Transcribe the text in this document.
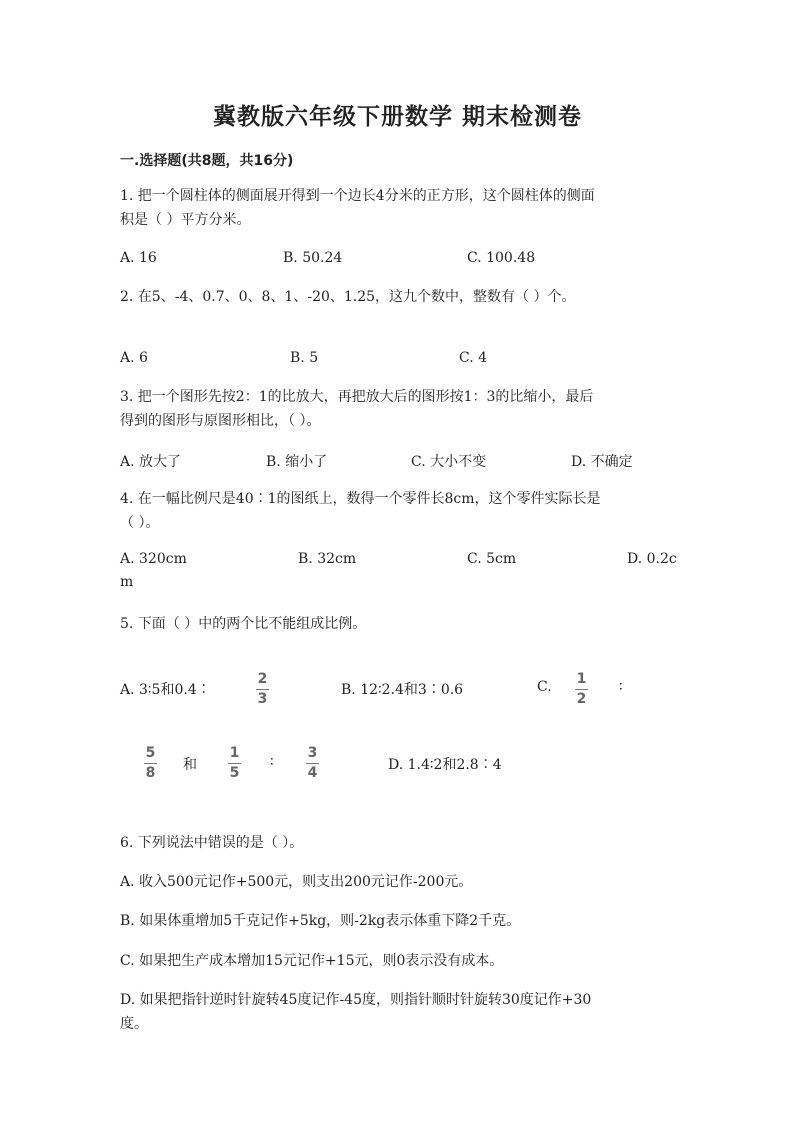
冀教版六年级下册数学 期末检测卷
一.选择题(共8题，共16分)
1. 把一个圆柱体的侧面展开得到一个边长4分米的正方形，这个圆柱体的侧面
积是（ ）平方分米。
A. 16	B. 50.24	C. 100.48
2. 在5、-4、0.7、0、8、1、-20、1.25，这九个数中，整数有（ ）个。
A. 6	B. 5	C. 4
3. 把一个图形先按2：1的比放大，再把放大后的图形按1：3的比缩小，最后
得到的图形与原图形相比，（ ）。
A. 放大了	B. 缩小了	C. 大小不变	D. 不确定
4. 在一幅比例尺是40∶1的图纸上，数得一个零件长8cm，这个零件实际长是
（ ）。
A. 320cm	B. 32cm	C. 5cm	D. 0.2c
m
5. 下面（ ）中的两个比不能组成比例。
A. 3∶5和0.4∶
2
3
B. 12∶2.4和3∶0.6	C. 1
2
∶
5
8 和
1
5
∶
3
4	D. 1.4∶2和2.8∶4
6. 下列说法中错误的是（ ）。
A. 收入500元记作+500元，则支出200元记作-200元。
B. 如果体重增加5千克记作+5kg，则-2kg表示体重下降2千克。
C. 如果把生产成本增加15元记作+15元，则0表示没有成本。
D. 如果把指针逆时针旋转45度记作-45度，则指针顺时针旋转30度记作+30
度。
